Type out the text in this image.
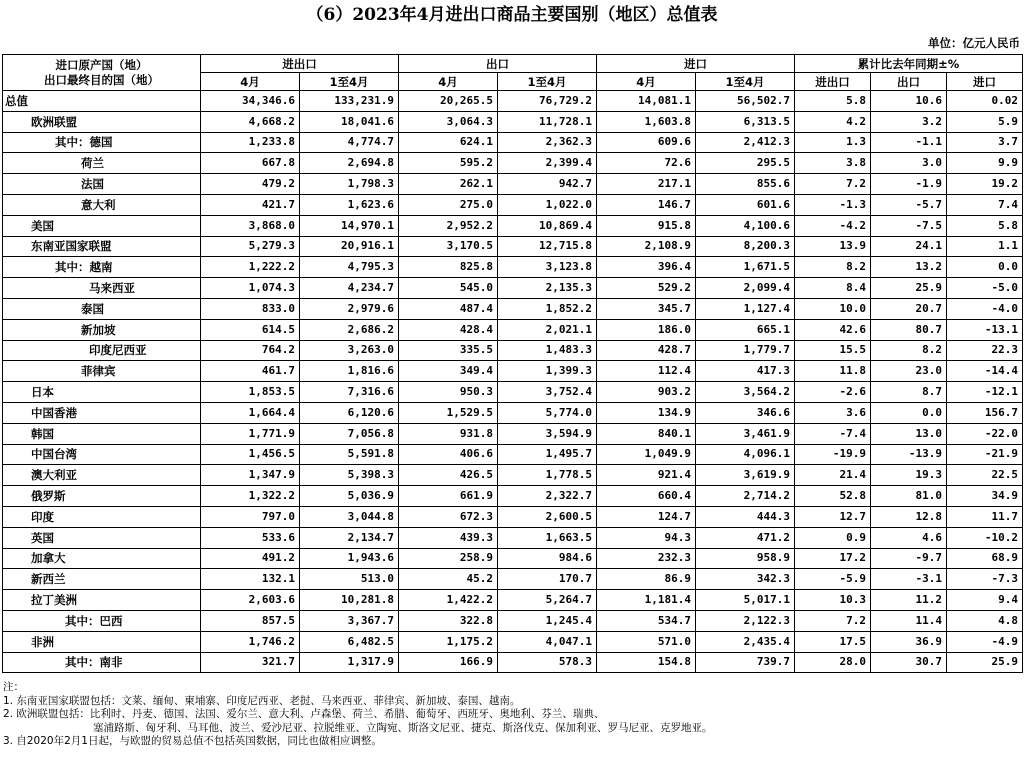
（6）2023年4月进出口商品主要国别（地区）总值表
单位：亿元人民币
进口原产国（地）
出口最终目的国（地）	进出口		出口		进口		累计比去年同期±%		
	4月	1至4月	4月	1至4月	4月	1至4月	进出口	出口	进口
总值	34,346.6	133,231.9	20,265.5	76,729.2	14,081.1	56,502.7	5.8	10.6	0.02
欧洲联盟	4,668.2	18,041.6	3,064.3	11,728.1	1,603.8	6,313.5	4.2	3.2	5.9
其中：德国	1,233.8	4,774.7	624.1	2,362.3	609.6	2,412.3	1.3	-1.1	3.7
荷兰	667.8	2,694.8	595.2	2,399.4	72.6	295.5	3.8	3.0	9.9
法国	479.2	1,798.3	262.1	942.7	217.1	855.6	7.2	-1.9	19.2
意大利	421.7	1,623.6	275.0	1,022.0	146.7	601.6	-1.3	-5.7	7.4
美国	3,868.0	14,970.1	2,952.2	10,869.4	915.8	4,100.6	-4.2	-7.5	5.8
东南亚国家联盟	5,279.3	20,916.1	3,170.5	12,715.8	2,108.9	8,200.3	13.9	24.1	1.1
其中：越南	1,222.2	4,795.3	825.8	3,123.8	396.4	1,671.5	8.2	13.2	0.0
马来西亚	1,074.3	4,234.7	545.0	2,135.3	529.2	2,099.4	8.4	25.9	-5.0
泰国	833.0	2,979.6	487.4	1,852.2	345.7	1,127.4	10.0	20.7	-4.0
新加坡	614.5	2,686.2	428.4	2,021.1	186.0	665.1	42.6	80.7	-13.1
印度尼西亚	764.2	3,263.0	335.5	1,483.3	428.7	1,779.7	15.5	8.2	22.3
菲律宾	461.7	1,816.6	349.4	1,399.3	112.4	417.3	11.8	23.0	-14.4
日本	1,853.5	7,316.6	950.3	3,752.4	903.2	3,564.2	-2.6	8.7	-12.1
中国香港	1,664.4	6,120.6	1,529.5	5,774.0	134.9	346.6	3.6	0.0	156.7
韩国	1,771.9	7,056.8	931.8	3,594.9	840.1	3,461.9	-7.4	13.0	-22.0
中国台湾	1,456.5	5,591.8	406.6	1,495.7	1,049.9	4,096.1	-19.9	-13.9	-21.9
澳大利亚	1,347.9	5,398.3	426.5	1,778.5	921.4	3,619.9	21.4	19.3	22.5
俄罗斯	1,322.2	5,036.9	661.9	2,322.7	660.4	2,714.2	52.8	81.0	34.9
印度	797.0	3,044.8	672.3	2,600.5	124.7	444.3	12.7	12.8	11.7
英国	533.6	2,134.7	439.3	1,663.5	94.3	471.2	0.9	4.6	-10.2
加拿大	491.2	1,943.6	258.9	984.6	232.3	958.9	17.2	-9.7	68.9
新西兰	132.1	513.0	45.2	170.7	86.9	342.3	-5.9	-3.1	-7.3
拉丁美洲	2,603.6	10,281.8	1,422.2	5,264.7	1,181.4	5,017.1	10.3	11.2	9.4
其中：巴西	857.5	3,367.7	322.8	1,245.4	534.7	2,122.3	7.2	11.4	4.8
非洲	1,746.2	6,482.5	1,175.2	4,047.1	571.0	2,435.4	17.5	36.9	-4.9
其中：南非	321.7	1,317.9	166.9	578.3	154.8	739.7	28.0	30.7	25.9
注：
1. 东南亚国家联盟包括：文莱、缅甸、柬埔寨、印度尼西亚、老挝、马来西亚、菲律宾、新加坡、泰国、越南。
2. 欧洲联盟包括：比利时、丹麦、德国、法国、爱尔兰、意大利、卢森堡、荷兰、希腊、葡萄牙、西班牙、奥地利、芬兰、瑞典、
塞浦路斯、匈牙利、马耳他、波兰、爱沙尼亚、拉脱维亚、立陶宛、斯洛文尼亚、捷克、斯洛伐克、保加利亚、罗马尼亚、克罗地亚。
3. 自2020年2月1日起，与欧盟的贸易总值不包括英国数据，同比也做相应调整。
